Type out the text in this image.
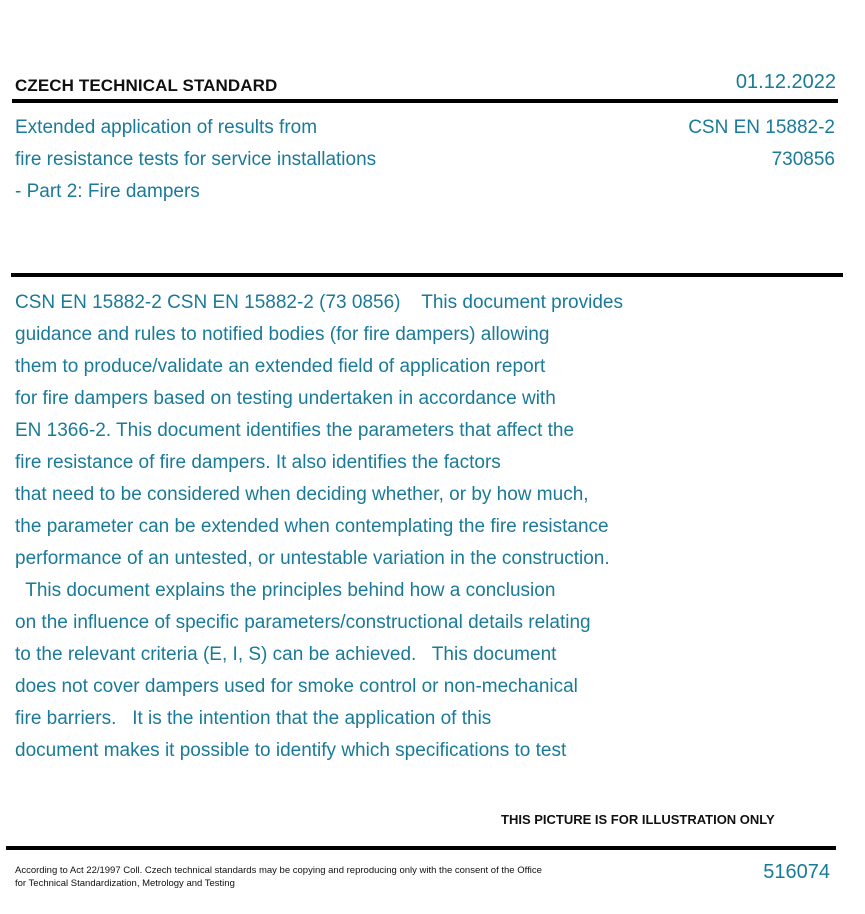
CZECH TECHNICAL STANDARD	01.12.2022
Extended application of results from
fire resistance tests for service installations
- Part 2: Fire dampers
CSN EN 15882-2
730856
CSN EN 15882-2 CSN EN 15882-2 (73 0856)    This document provides
guidance and rules to notified bodies (for fire dampers) allowing
them to produce/validate an extended field of application report
for fire dampers based on testing undertaken in accordance with
EN 1366-2. This document identifies the parameters that affect the
fire resistance of fire dampers. It also identifies the factors
that need to be considered when deciding whether, or by how much,
the parameter can be extended when contemplating the fire resistance
performance of an untested, or untestable variation in the construction.
This document explains the principles behind how a conclusion
on the influence of specific parameters/constructional details relating
to the relevant criteria (E, I, S) can be achieved.   This document
does not cover dampers used for smoke control or non-mechanical
fire barriers.   It is the intention that the application of this
document makes it possible to identify which specifications to test
THIS PICTURE IS FOR ILLUSTRATION ONLY
According to Act 22/1997 Coll. Czech technical standards may be copying and reproducing only with the consent of the Office
for Technical Standardization, Metrology and Testing
516074
